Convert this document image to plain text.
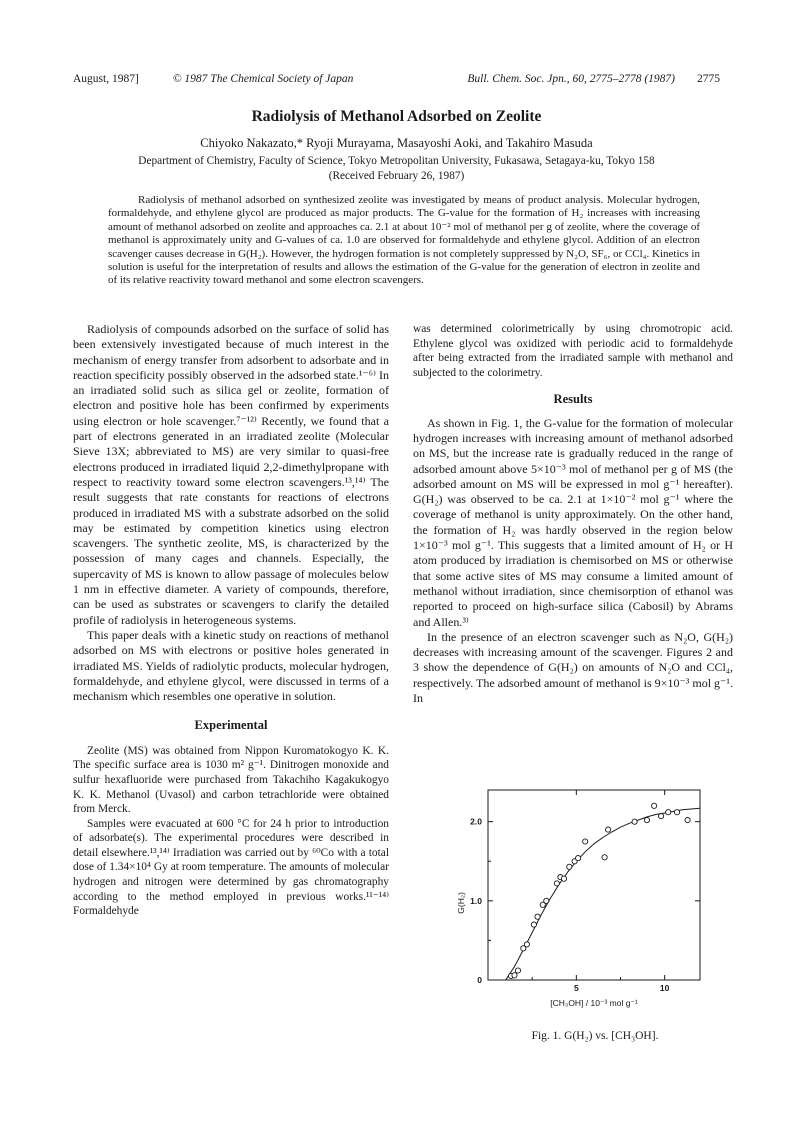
August, 1987]	© 1987 The Chemical Society of Japan	Bull. Chem. Soc. Jpn., 60, 2775–2778 (1987) 2775
Radiolysis of Methanol Adsorbed on Zeolite
Chiyoko Nakazato,* Ryoji Murayama, Masayoshi Aoki, and Takahiro Masuda
Department of Chemistry, Faculty of Science, Tokyo Metropolitan University, Fukasawa, Setagaya-ku, Tokyo 158
(Received February 26, 1987)

Radiolysis of methanol adsorbed on synthesized zeolite was investigated by means of product analysis. Molecular hydrogen, formaldehyde, and ethylene glycol are produced as major products. The G-value for the formation of H₂ increases with increasing amount of methanol adsorbed on zeolite and approaches ca. 2.1 at about 10⁻² mol of methanol per g of zeolite, where the coverage of methanol is approximately unity and G-values of ca. 1.0 are observed for formaldehyde and ethylene glycol. Addition of an electron scavenger causes decrease in G(H₂). However, the hydrogen formation is not completely suppressed by N₂O, SF₆, or CCl₄. Kinetics in solution is useful for the interpretation of results and allows the estimation of the G-value for the generation of electron in zeolite and of its relative reactivity toward methanol and some electron scavengers.

Radiolysis of compounds adsorbed on the surface of solid has been extensively investigated because of much interest in the mechanism of energy transfer from adsorbent to adsorbate and in reaction specificity possibly observed in the adsorbed state.¹⁻⁶⁾ In an irradiated solid such as silica gel or zeolite, formation of electron and positive hole has been confirmed by experiments using electron or hole scavenger.⁷⁻¹²⁾ Recently, we found that a part of electrons generated in an irradiated zeolite (Molecular Sieve 13X; abbreviated to MS) are very similar to quasi-free electrons produced in irradiated liquid 2,2-dimethylpropane with respect to reactivity toward some electron scavengers.¹³,¹⁴⁾ The result suggests that rate constants for reactions of electrons produced in irradiated MS with a substrate adsorbed on the solid may be estimated by competition kinetics using electron scavengers. The synthetic zeolite, MS, is characterized by the possession of many cages and channels. Especially, the supercavity of MS is known to allow passage of molecules below 1 nm in effective diameter. A variety of compounds, therefore, can be used as substrates or scavengers to clarify the detailed profile of radiolysis in heterogeneous systems.

This paper deals with a kinetic study on reactions of methanol adsorbed on MS with electrons or positive holes generated in irradiated MS. Yields of radiolytic products, molecular hydrogen, formaldehyde, and ethylene glycol, were discussed in terms of a mechanism which resembles one operative in solution.

Experimental

Zeolite (MS) was obtained from Nippon Kuromatokogyo K. K. The specific surface area is 1030 m² g⁻¹. Dinitrogen monoxide and sulfur hexafluoride were purchased from Takachiho Kagakukogyo K. K. Methanol (Uvasol) and carbon tetrachloride were obtained from Merck.

Samples were evacuated at 600 °C for 24 h prior to introduction of adsorbate(s). The experimental procedures were described in detail elsewhere.¹³,¹⁴⁾ Irradiation was carried out by ⁶⁰Co with a total dose of 1.34×10⁴ Gy at room temperature. The amounts of molecular hydrogen and nitrogen were determined by gas chromatography according to the method employed in previous works.¹¹⁻¹⁴⁾ Formaldehyde

was determined colorimetrically by using chromotropic acid. Ethylene glycol was oxidized with periodic acid to formaldehyde after being extracted from the irradiated sample with methanol and subjected to the colorimetry.

Results

As shown in Fig. 1, the G-value for the formation of molecular hydrogen increases with increasing amount of methanol adsorbed on MS, but the increase rate is gradually reduced in the range of adsorbed amount above 5×10⁻³ mol of methanol per g of MS (the adsorbed amount on MS will be expressed in mol g⁻¹ hereafter). G(H₂) was observed to be ca. 2.1 at 1×10⁻² mol g⁻¹ where the coverage of methanol is unity approximately. On the other hand, the formation of H₂ was hardly observed in the region below 1×10⁻³ mol g⁻¹. This suggests that a limited amount of H₂ or H atom produced by irradiation is chemisorbed on MS or otherwise that some active sites of MS may consume a limited amount of methanol without irradiation, since chemisorption of ethanol was reported to proceed on high-surface silica (Cabosil) by Abrams and Allen.³⁾

In the presence of an electron scavenger such as N₂O, G(H₂) decreases with increasing amount of the scavenger. Figures 2 and 3 show the dependence of G(H₂) on amounts of N₂O and CCl₄, respectively. The adsorbed amount of methanol is 9×10⁻³ mol g⁻¹. In

5	10
0
1.0
2.0
[CH₃OH] / 10⁻³ mol g⁻¹
G(H₂)
Fig. 1. G(H₂) vs. [CH₃OH].
